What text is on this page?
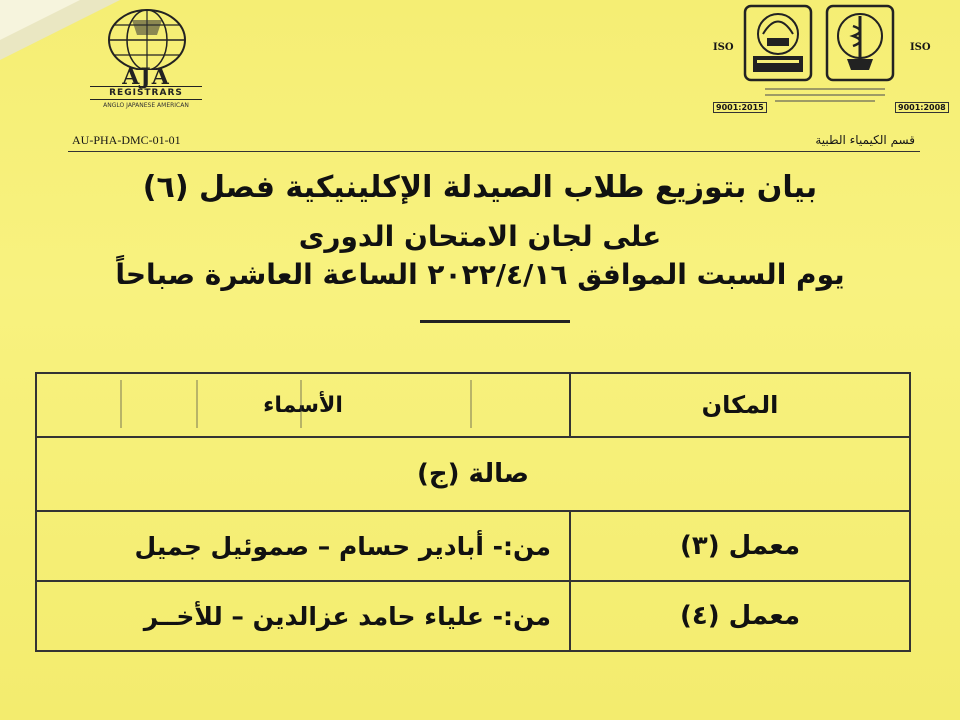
AJA
REGISTRARS
ANGLO JAPANESE AMERICAN
ISO	ISO
9001:2015	9001:2008
AU-PHA-DMC-01-01	قسم الكيمياء الطبية
بيان بتوزيع طلاب الصيدلة الإكلينيكية فصل (٦)
على لجان الامتحان الدورى
يوم السبت الموافق ٢٠٢٢/٤/١٦ الساعة العاشرة صباحاً
المكان	الأسماء
صالة (ج)	
معمل (٣)	من:- أبادير حسام – صموئيل جميل
معمل (٤)	من:- علياء حامد عزالدين – للأخــر
